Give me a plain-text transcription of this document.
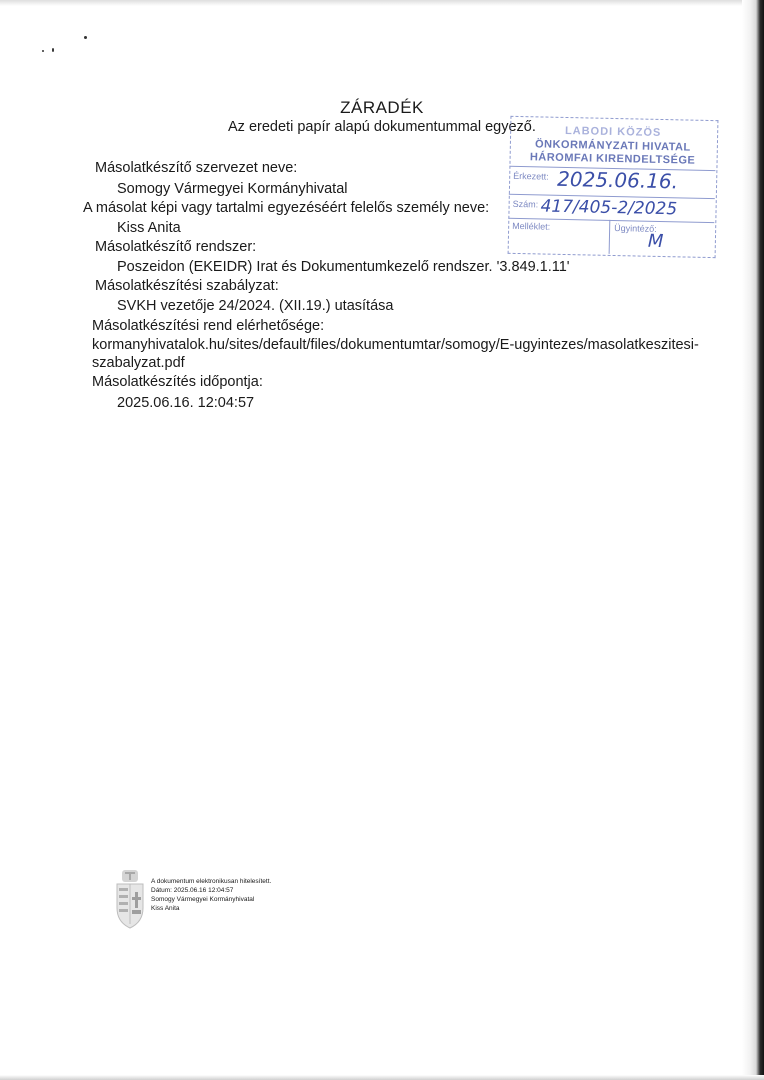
ZÁRADÉK
Az eredeti papír alapú dokumentummal egyező.
Másolatkészítő szervezet neve:
Somogy Vármegyei Kormányhivatal
A másolat képi vagy tartalmi egyezéséért felelős személy neve:
Kiss Anita
Másolatkészítő rendszer:
Poszeidon (EKEIDR) Irat és Dokumentumkezelő rendszer. '3.849.1.11'
Másolatkészítési szabályzat:
SVKH vezetője 24/2024. (XII.19.) utasítása
Másolatkészítési rend elérhetősége:
kormanyhivatalok.hu/sites/default/files/dokumentumtar/somogy/E-ugyintezes/masolatkeszitesi-
szabalyzat.pdf
Másolatkészítés időpontja:
2025.06.16. 12:04:57
LABODI KÖZÖS
ÖNKORMÁNYZATI HIVATAL
HÁROMFAI KIRENDELTSÉGE
Érkezett: 2025.06.16.
Szám: 417/405-2/2025
Melléklet:	Ügyintéző:
M
A dokumentum elektronikusan hitelesített.
Dátum: 2025.06.16 12:04:57
Somogy Vármegyei Kormányhivatal
Kiss Anita
